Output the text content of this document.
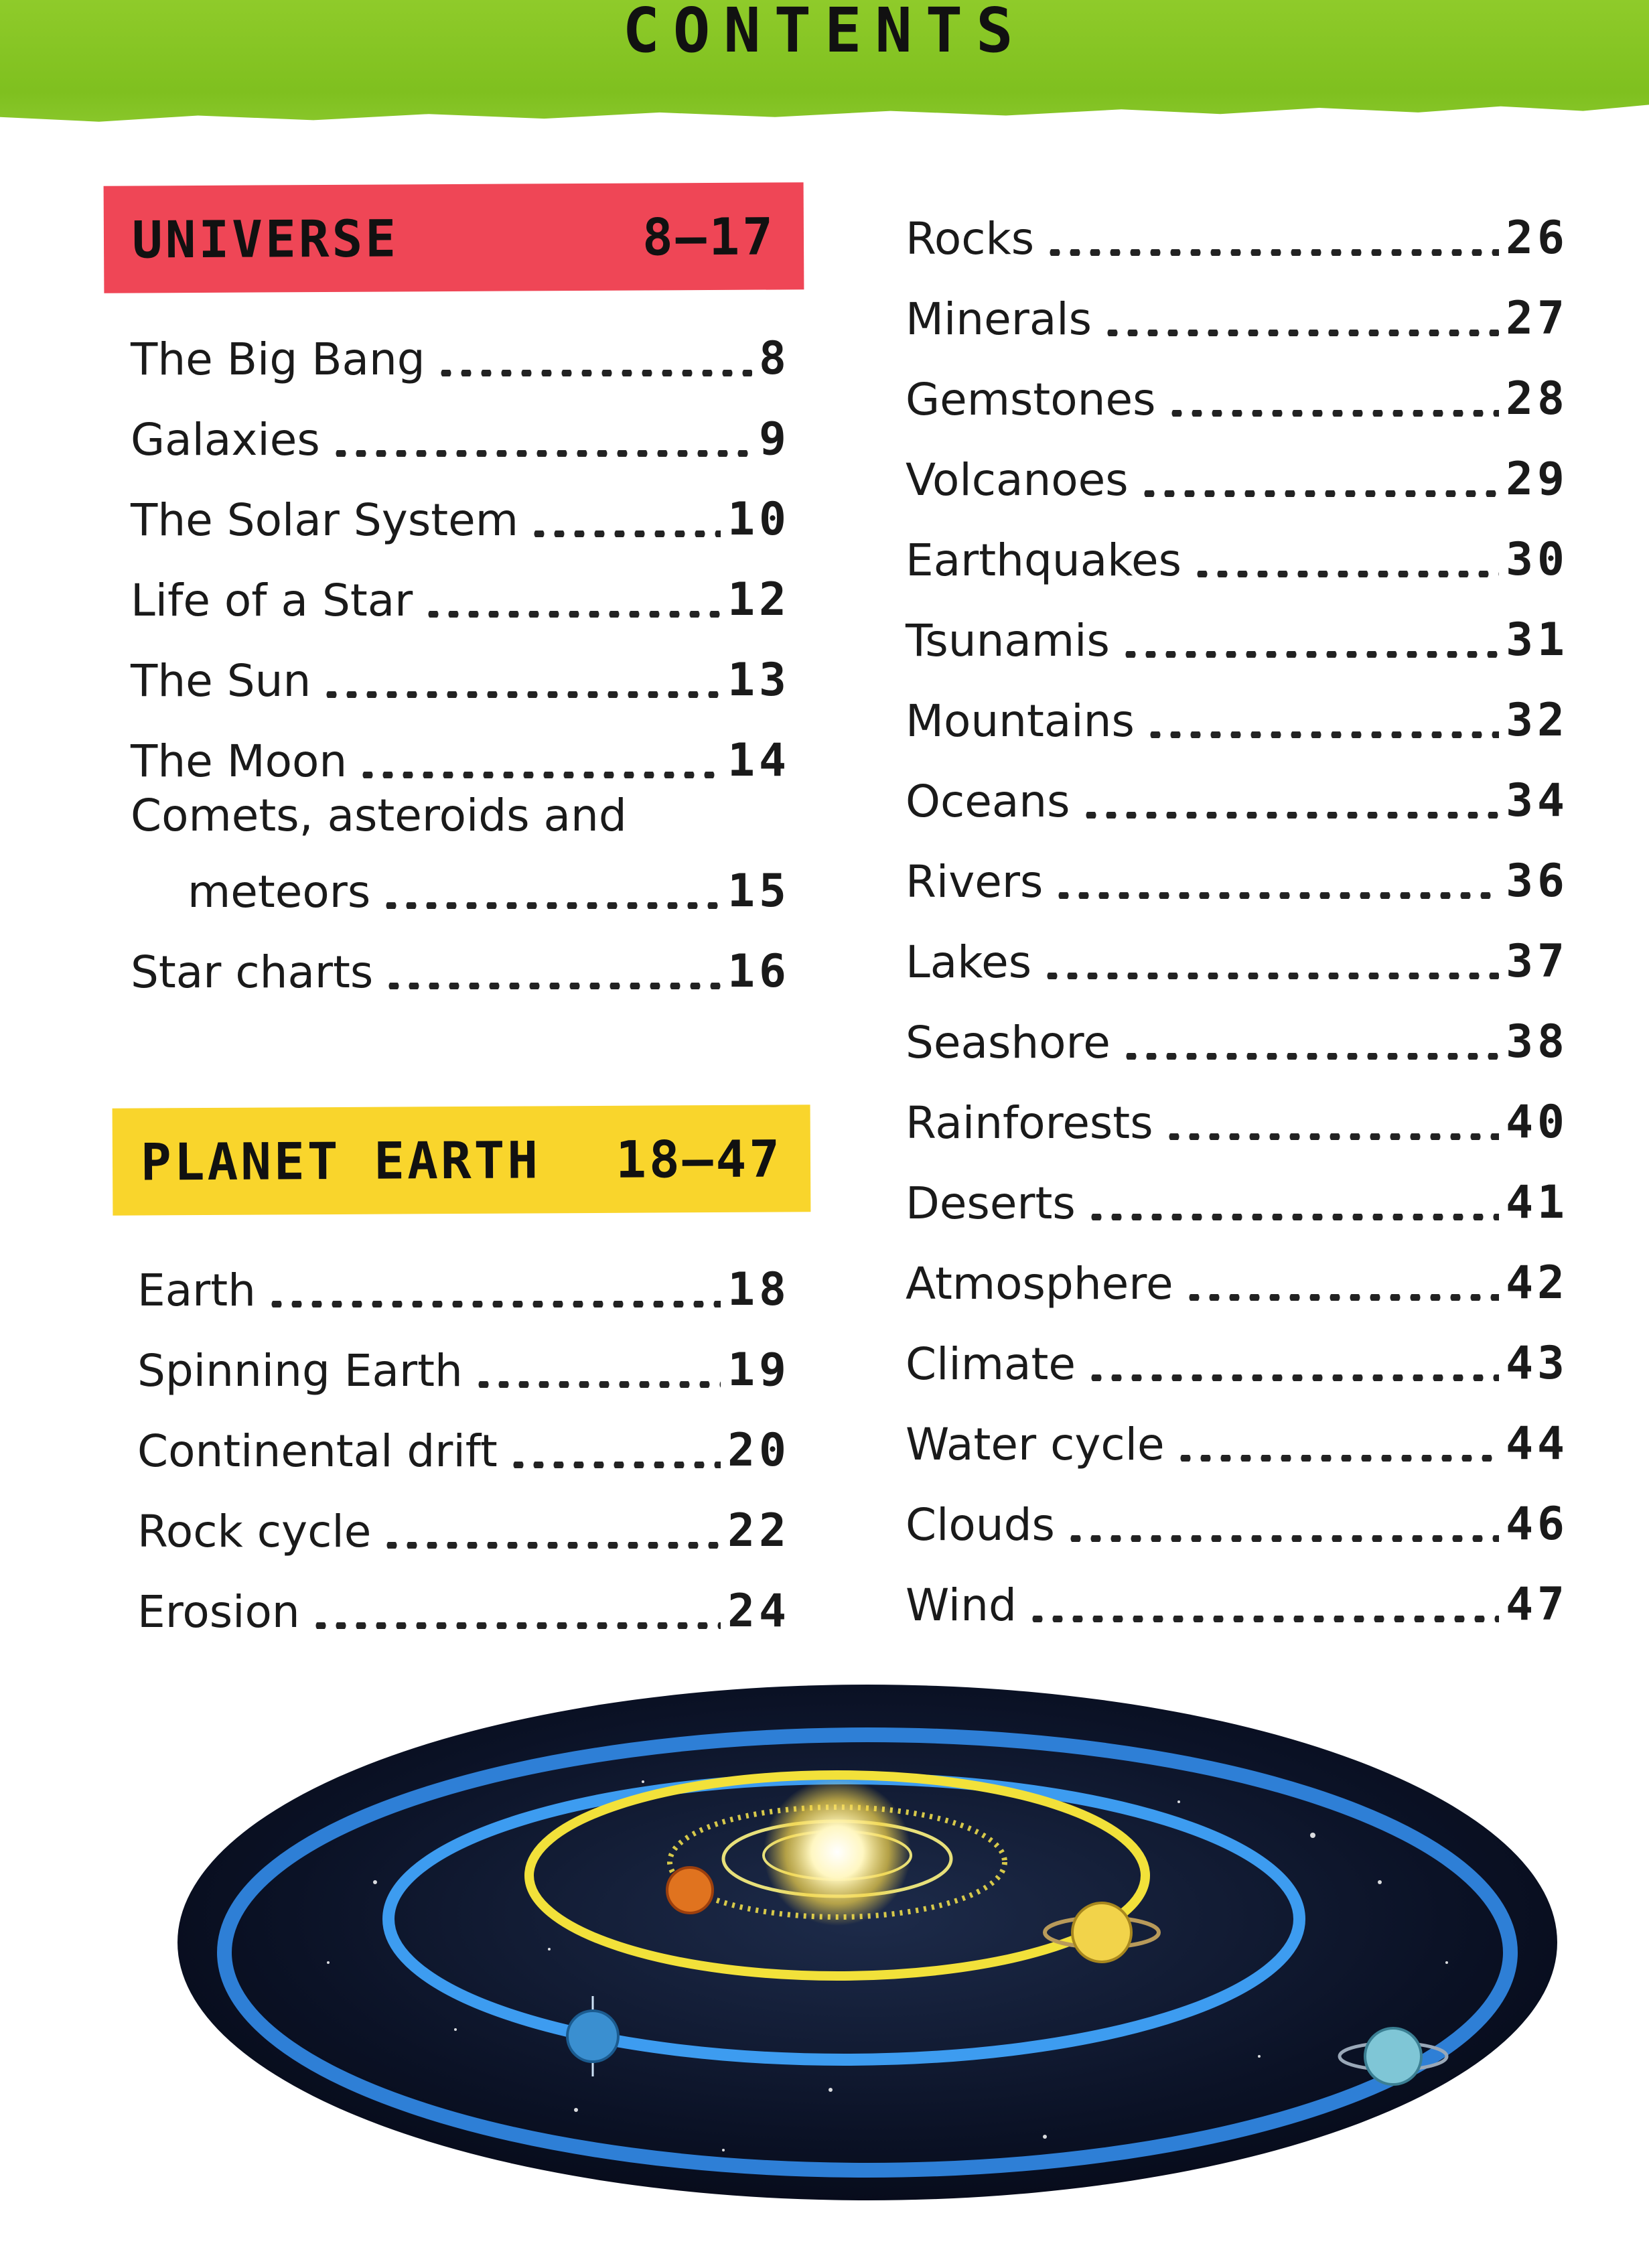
CONTENTS
UNIVERSE	8–17
The Big Bang	8
Galaxies	9
The Solar System	10
Life of a Star	12
The Sun	13
The Moon	14
Comets, asteroids and
meteors	15
Star charts	16
PLANET EARTH 18–47
Earth	18
Spinning Earth	19
Continental drift	20
Rock cycle	22
Erosion	24
Rocks	26
Minerals	27
Gemstones	28
Volcanoes	29
Earthquakes	30
Tsunamis	31
Mountains	32
Oceans	34
Rivers	36
Lakes	37
Seashore	38
Rainforests	40
Deserts	41
Atmosphere	42
Climate	43
Water cycle	44
Clouds	46
Wind	47
